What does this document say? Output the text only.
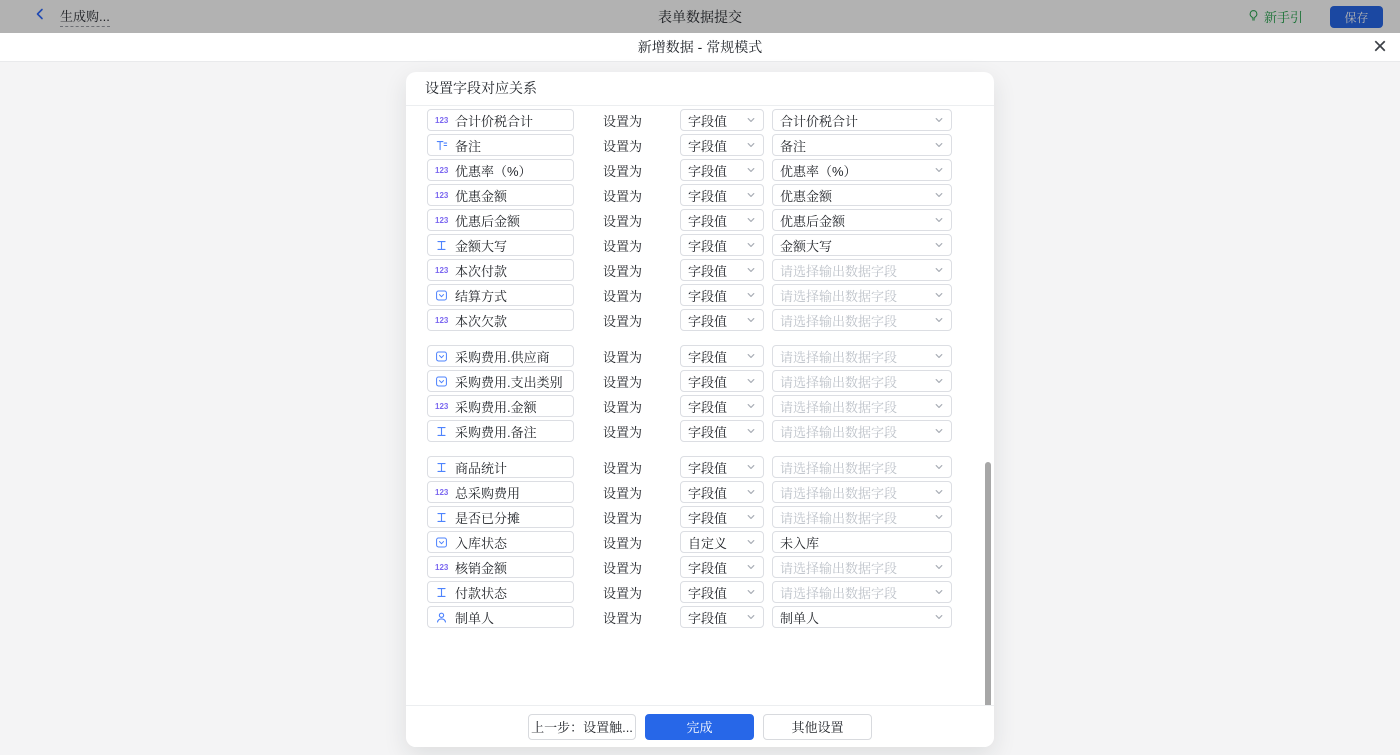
生成购...	表单数据提交	新手引	保存
新增数据 - 常规模式	×
设置字段对应关系
123 合计价税合计	设置为	字段值	合计价税合计
备注	设置为	字段值	备注
123 优惠率（%）	设置为	字段值	优惠率（%）
123 优惠金额	设置为	字段值	优惠金额
123 优惠后金额	设置为	字段值	优惠后金额
金额大写	设置为	字段值	金额大写
123 本次付款	设置为	字段值	请选择输出数据字段
结算方式	设置为	字段值	请选择输出数据字段
123 本次欠款	设置为	字段值	请选择输出数据字段
采购费用.供应商	设置为	字段值	请选择输出数据字段
采购费用.支出类别	设置为	字段值	请选择输出数据字段
123 采购费用.金额	设置为	字段值	请选择输出数据字段
采购费用.备注	设置为	字段值	请选择输出数据字段
商品统计	设置为	字段值	请选择输出数据字段
123 总采购费用	设置为	字段值	请选择输出数据字段
是否已分摊	设置为	字段值	请选择输出数据字段
入库状态	设置为	自定义	未入库
123 核销金额	设置为	字段值	请选择输出数据字段
付款状态	设置为	字段值	请选择输出数据字段
制单人	设置为	字段值	制单人
上一步：设置触...	完成	其他设置
